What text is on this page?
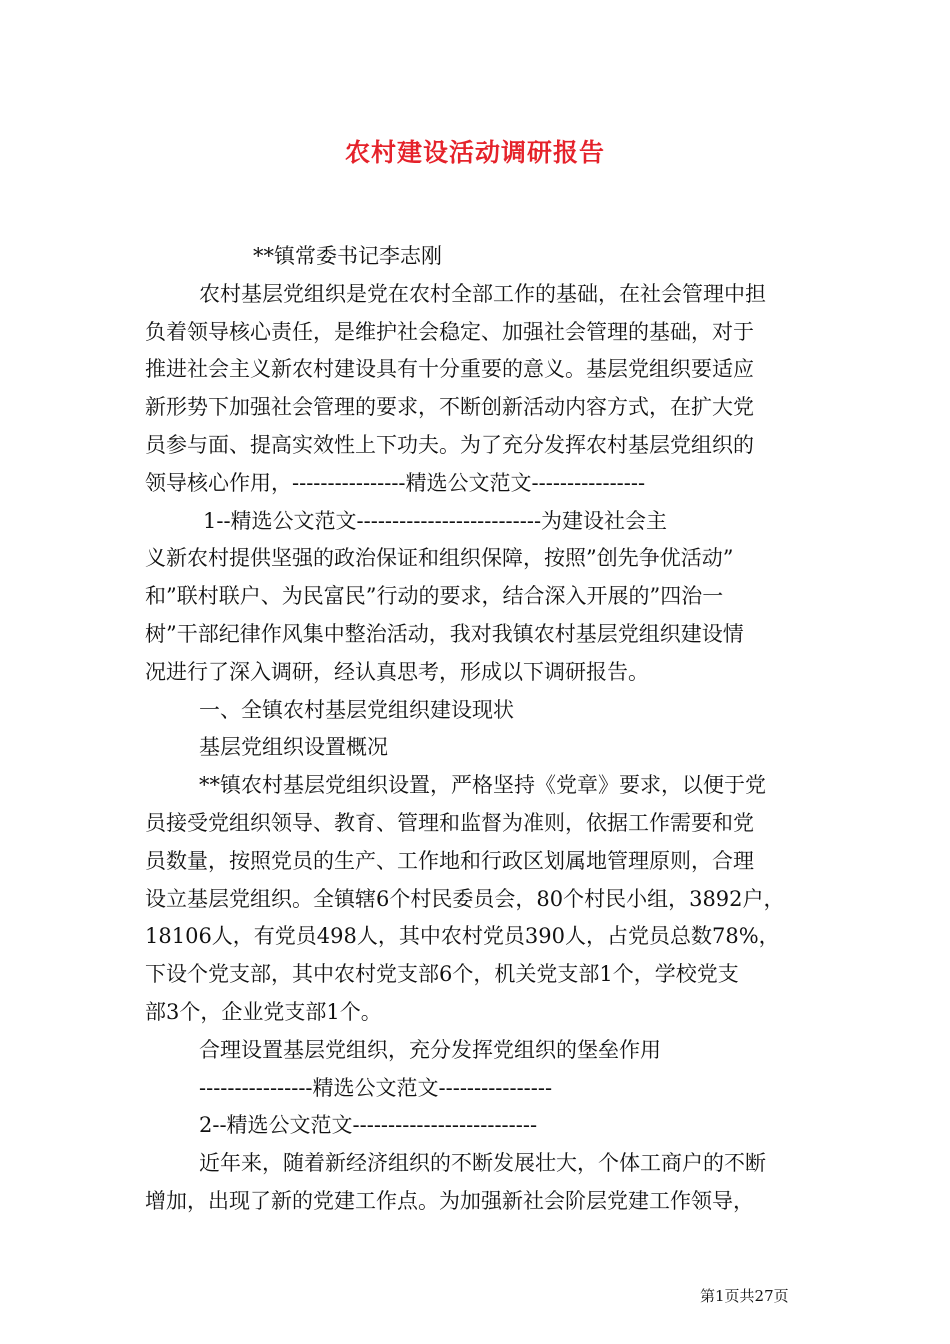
农村建设活动调研报告
**镇常委书记李志刚
农村基层党组织是党在农村全部工作的基础，在社会管理中担
负着领导核心责任，是维护社会稳定、加强社会管理的基础，对于
推进社会主义新农村建设具有十分重要的意义。基层党组织要适应
新形势下加强社会管理的要求，不断创新活动内容方式，在扩大党
员参与面、提高实效性上下功夫。为了充分发挥农村基层党组织的
领导核心作用，----------------精选公文范文----------------
1--精选公文范文--------------------------为建设社会主
义新农村提供坚强的政治保证和组织保障，按照”创先争优活动”
和”联村联户、为民富民”行动的要求，结合深入开展的”四治一
树”干部纪律作风集中整治活动，我对我镇农村基层党组织建设情
况进行了深入调研，经认真思考，形成以下调研报告。
一、全镇农村基层党组织建设现状
基层党组织设置概况
**镇农村基层党组织设置，严格坚持《党章》要求，以便于党
员接受党组织领导、教育、管理和监督为准则，依据工作需要和党
员数量，按照党员的生产、工作地和行政区划属地管理原则，合理
设立基层党组织。全镇辖6个村民委员会，80个村民小组，3892户，
18106人，有党员498人，其中农村党员390人，占党员总数78%，
下设个党支部，其中农村党支部6个，机关党支部1个，学校党支
部3个，企业党支部1个。
合理设置基层党组织，充分发挥党组织的堡垒作用
----------------精选公文范文----------------
2--精选公文范文--------------------------
近年来，随着新经济组织的不断发展壮大，个体工商户的不断
增加，出现了新的党建工作点。为加强新社会阶层党建工作领导，
第1页共27页
